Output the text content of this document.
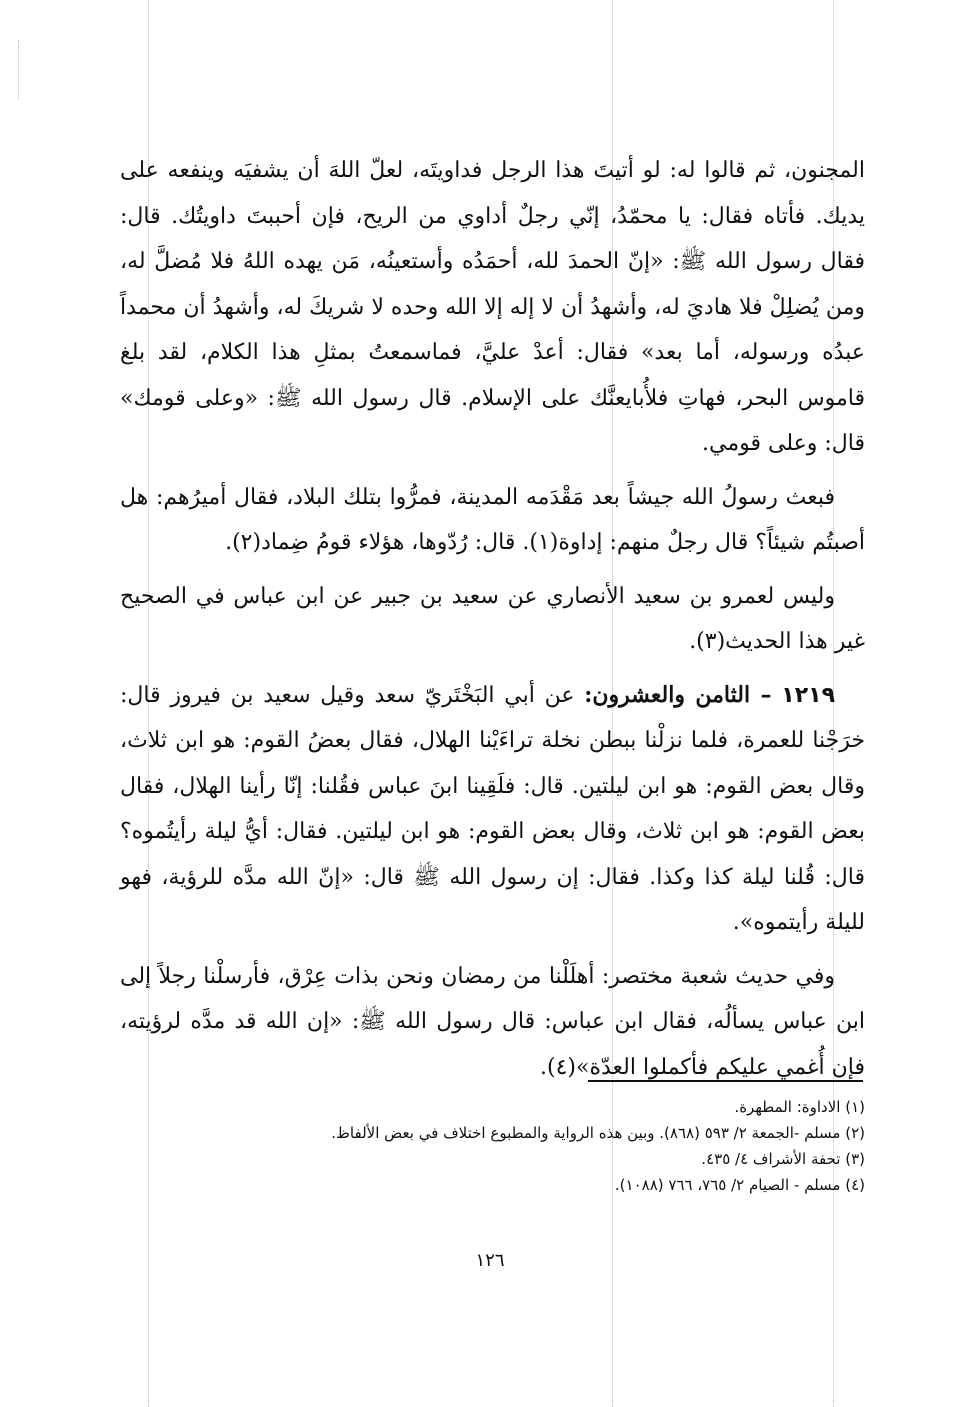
المجنون، ثم قالوا له: لو أتيتَ هذا الرجل فداويتَه، لعلّ اللهَ أن يشفيَه وينفعه على يديك. فأتاه فقال: يا محمّدُ، إنّي رجلٌ أداوي من الريح، فإن أحببتَ داويتُك. قال: فقال رسول الله ﷺ: «إنّ الحمدَ لله، أحمَدُه وأستعينُه، مَن يهده اللهُ فلا مُضلَّ له، ومن يُضلِلْ فلا هاديَ له، وأشهدُ أن لا إله إلا الله وحده لا شريكَ له، وأشهدُ أن محمداً عبدُه ورسوله، أما بعد» فقال: أعدْ عليَّ، فماسمعتُ بمثلِ هذا الكلام، لقد بلغ قاموس البحر، فهاتِ فلأُبايعنَّك على الإسلام. قال رسول الله ﷺ: «وعلى قومك» قال: وعلى قومي.

فبعث رسولُ الله جيشاً بعد مَقْدَمه المدينة، فمرُّوا بتلك البلاد، فقال أميرُهم: هل أصبتُم شيئاً؟ قال رجلٌ منهم: إداوة(١). قال: رُدّوها، هؤلاء قومُ ضِماد(٢).

وليس لعمرو بن سعيد الأنصاري عن سعيد بن جبير عن ابن عباس في الصحيح غير هذا الحديث(٣).

١٢١٩ – الثامن والعشرون: عن أبي البَخْتَريّ سعد وقيل سعيد بن فيروز قال: خرَجْنا للعمرة، فلما نزلْنا ببطن نخلة تراءَيْنا الهلال، فقال بعضُ القوم: هو ابن ثلاث، وقال بعض القوم: هو ابن ليلتين. قال: فلَقِينا ابنَ عباس فقُلنا: إنّا رأينا الهلال، فقال بعض القوم: هو ابن ثلاث، وقال بعض القوم: هو ابن ليلتين. فقال: أيُّ ليلة رأيتُموه؟ قال: قُلنا ليلة كذا وكذا. فقال: إن رسول الله ﷺ قال: «إنّ الله مدَّه للرؤية، فهو لليلة رأيتموه».

وفي حديث شعبة مختصر: أهلَلْنا من رمضان ونحن بذات عِرْق، فأرسلْنا رجلاً إلى ابن عباس يسألُه، فقال ابن عباس: قال رسول الله ﷺ: «إن الله قد مدَّه لرؤيته، فإن أُغمي عليكم فأكملوا العدّة»(٤).

(١) الاداوة: المطهرة.

(٢) مسلم -الجمعة ٢/ ٥٩٣ (٨٦٨). وبين هذه الرواية والمطبوع اختلاف في بعض الألفاظ.

(٣) تحفة الأشراف ٤/ ٤٣٥.

(٤) مسلم - الصيام ٢/ ٧٦٥، ٧٦٦ (١٠٨٨).

١٢٦
